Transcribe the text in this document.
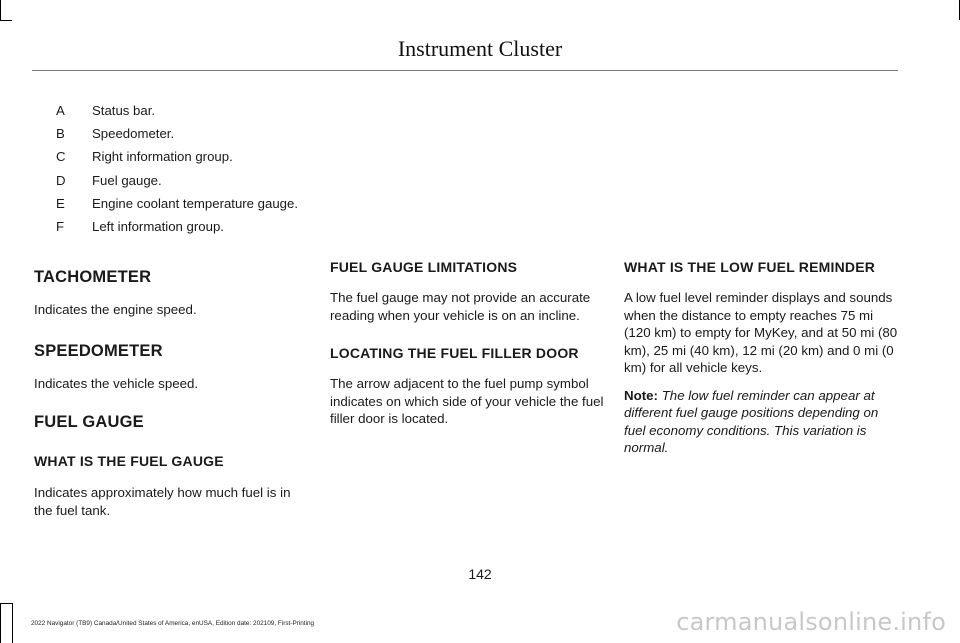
Instrument Cluster
A	Status bar.
B	Speedometer.
C	Right information group.
D	Fuel gauge.
E	Engine coolant temperature gauge.
F	Left information group.
TACHOMETER

Indicates the engine speed.

SPEEDOMETER

Indicates the vehicle speed.

FUEL GAUGE
WHAT IS THE FUEL GAUGE

Indicates approximately how much fuel is in the fuel tank.

FUEL GAUGE LIMITATIONS

The fuel gauge may not provide an accurate reading when your vehicle is on an incline.

LOCATING THE FUEL FILLER DOOR

The arrow adjacent to the fuel pump symbol indicates on which side of your vehicle the fuel filler door is located.

WHAT IS THE LOW FUEL REMINDER

A low fuel level reminder displays and sounds when the distance to empty reaches 75 mi (120 km) to empty for MyKey, and at 50 mi (80 km), 25 mi (40 km), 12 mi (20 km) and 0 mi (0 km) for all vehicle keys.

Note: The low fuel reminder can appear at different fuel gauge positions depending on fuel economy conditions. This variation is normal.

142
2022 Navigator (TB9) Canada/United States of America, enUSA, Edition date: 202109, First-Printing	carmanualsonline.info
